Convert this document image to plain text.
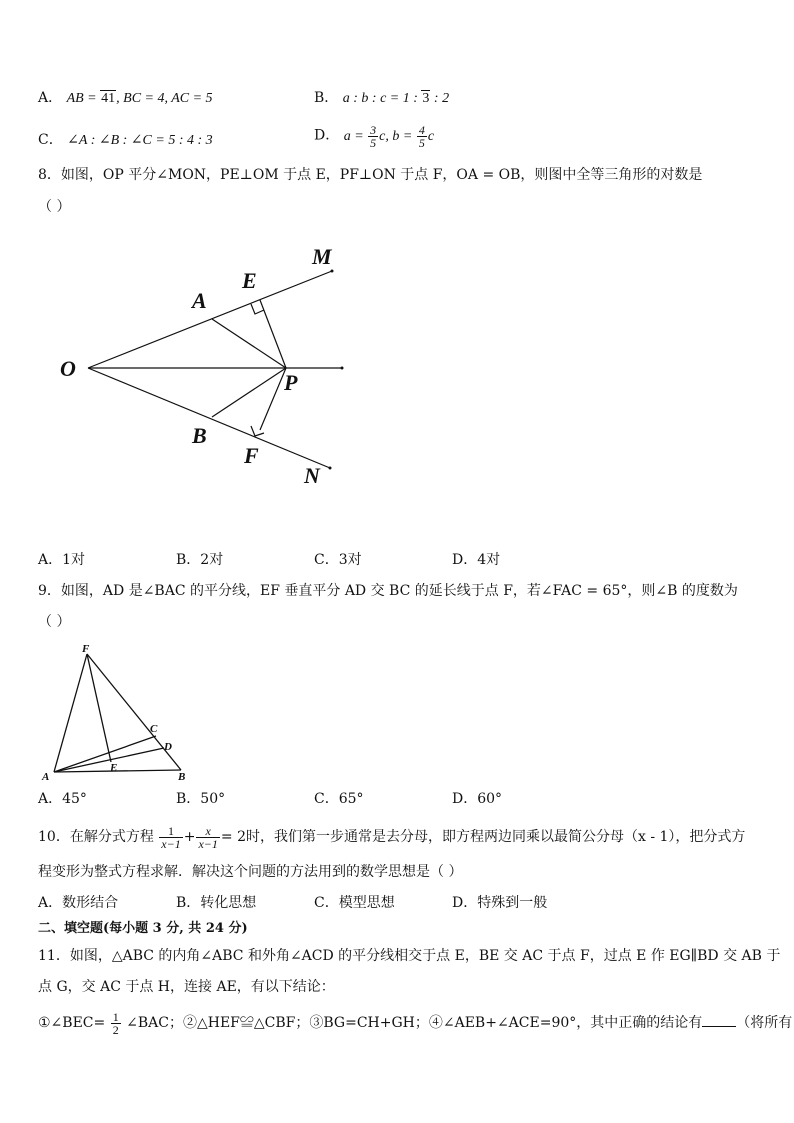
A． AB = 41, BC = 4, AC = 5	B． a : b : c = 1 : 3 : 2
C． ∠A : ∠B : ∠C = 5 : 4 : 3	D． $a = \frac{3}{5} c$, $b = \frac{4}{5}$ c
8．如图，OP 平分∠MON，PE⊥OM 于点 E，PF⊥ON 于点 F，OA = OB，则图中全等三角形的对数是
（ ）
M
E
A
O
P
B
F
N
A．1对	B．2对	C．3对	D．4对
9．如图，AD 是∠BAC 的平分线，EF 垂直平分 AD 交 BC 的延长线于点 F，若∠FAC = 65°，则∠B 的度数为
（ ）
F
C
D
A
E
B
A．45°	B．50°	C．65°	D．60°
10．在解分式方程 $\frac{1}{x-1} + \frac{x}{x-1} = 2$时，我们第一步通常是去分母，即方程两边同乘以最简公分母（x - 1），把分式方
程变形为整式方程求解．解决这个问题的方法用到的数学思想是（ ）
A．数形结合	B．转化思想	C．模型思想	D．特殊到一般
二、填空题(每小题 3 分, 共 24 分)
11．如图，△ABC 的内角∠ABC 和外角∠ACD 的平分线相交于点 E，BE 交 AC 于点 F，过点 E 作 EG∥BD 交 AB 于
点 G，交 AC 于点 H，连接 AE，有以下结论：
①∠BEC= $\frac{1}{2}$ ∠BAC；②△HEF≌△CBF；③BG=CH+GH；④∠AEB+∠ACE=90°，其中正确的结论有 （将所有
